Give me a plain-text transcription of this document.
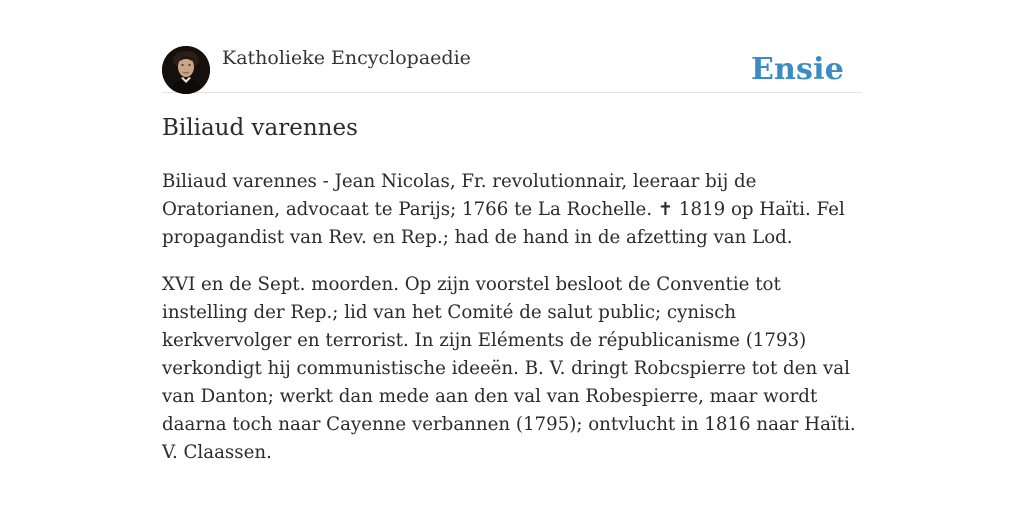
Katholieke Encyclopaedie	Ensie
Biliaud varennes

Biliaud varennes - Jean Nicolas, Fr. revolutionnair, leeraar bij de Oratorianen, advocaat te Parijs; 1766 te La Rochelle. ✝ 1819 op Haïti. Fel propagandist van Rev. en Rep.; had de hand in de afzetting van Lod.

XVI en de Sept. moorden. Op zijn voorstel besloot de Conventie tot instelling der Rep.; lid van het Comité de salut public; cynisch kerkvervolger en terrorist. In zijn Eléments de républicanisme (1793) verkondigt hij communistische ideeën. B. V. dringt Robcspierre tot den val van Danton; werkt dan mede aan den val van Robespierre, maar wordt daarna toch naar Cayenne verbannen (1795); ontvlucht in 1816 naar Haïti. V. Claassen.
